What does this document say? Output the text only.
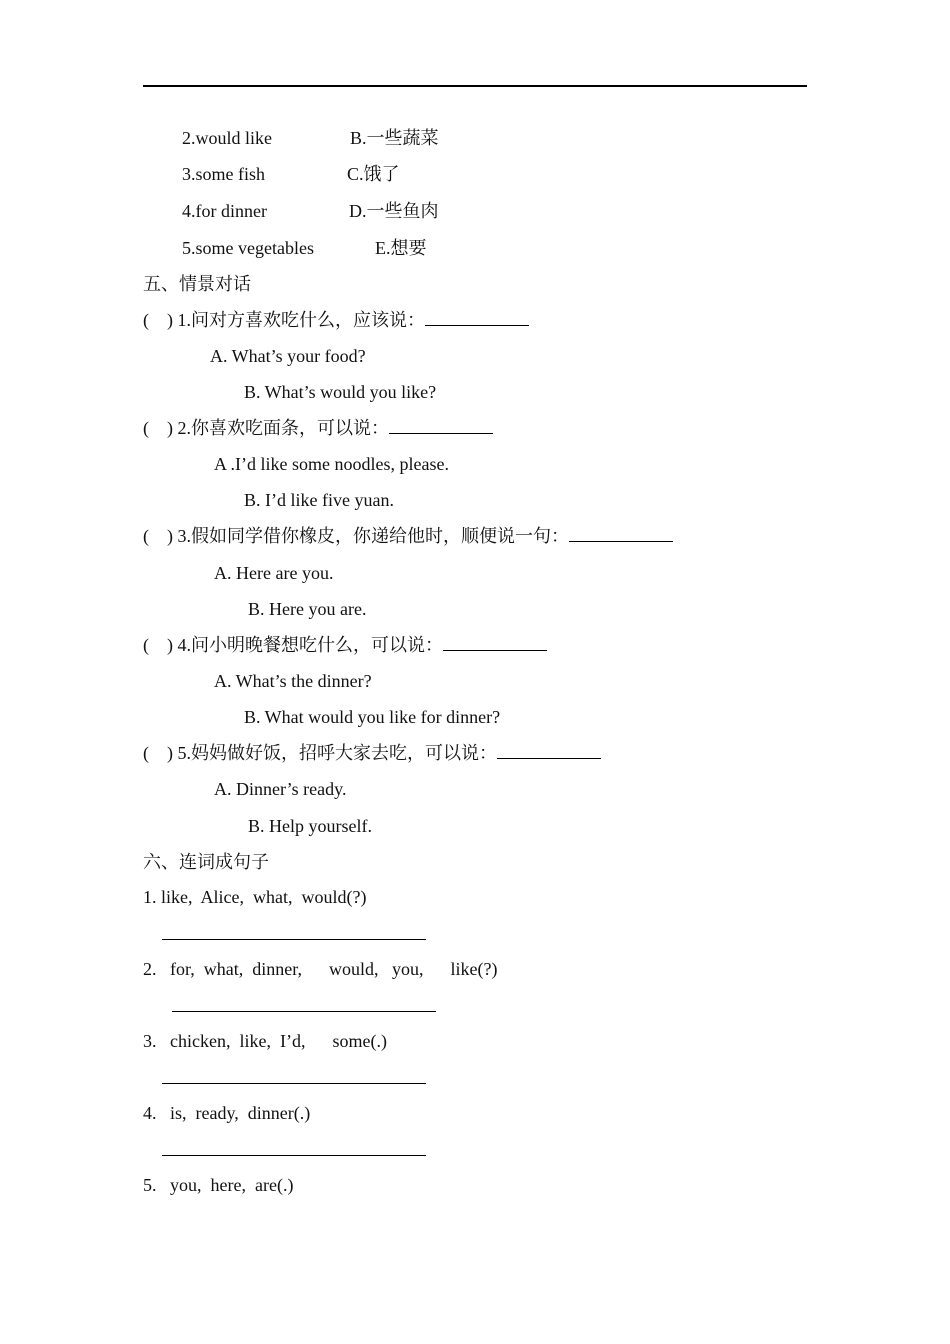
2.would like	B.一些蔬菜
3.some fish	C.饿了
4.for dinner	D.一些鱼肉
5.some vegetables	E.想要
五、情景对话
(    ) 1.问对方喜欢吃什么，应该说：
A. What’s your food?
B. What’s would you like?
(    ) 2.你喜欢吃面条，可以说：
A .I’d like some noodles, please.
B. I’d like five yuan.
(    ) 3.假如同学借你橡皮，你递给他时，顺便说一句：
A. Here are you.
B. Here you are.
(    ) 4.问小明晚餐想吃什么，可以说：
A. What’s the dinner?
B. What would you like for dinner?
(    ) 5.妈妈做好饭，招呼大家去吃，可以说：
A. Dinner’s ready.
B. Help yourself.
六、连词成句子
1. like,  Alice,  what,  would(?)
2.   for,  what,  dinner,      would,   you,      like(?)
3.   chicken,  like,  I’d,      some(.)
4.   is,  ready,  dinner(.)
5.   you,  here,  are(.)
